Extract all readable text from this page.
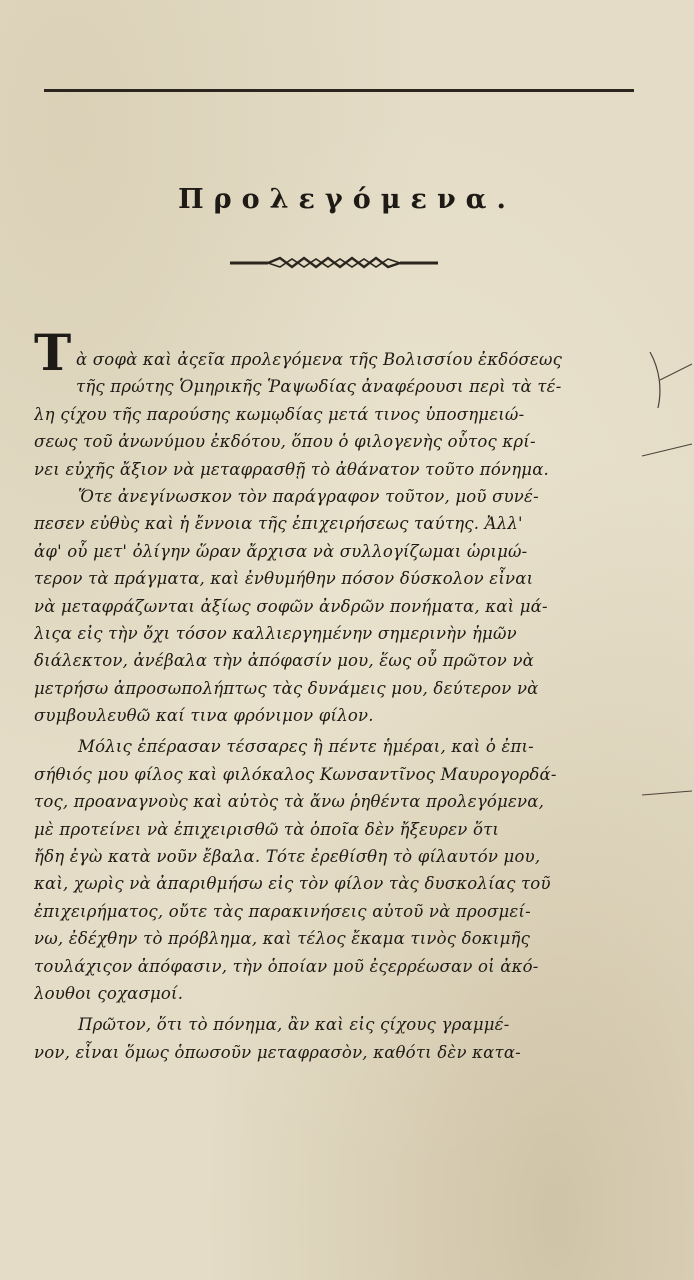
Προλεγόμενα.
Τ ὰ σοφὰ καὶ ἀςεῖα προλεγόμενα τῆς Βολισσίου ἐκδόσεως
τῆς πρώτης Ὁμηρικῆς Ῥαψωδίας ἀναφέρουσι περὶ τὰ τέ-
λη ςίχου τῆς παρούσης κωμῳδίας μετά τινος ὑποσημειώ-
σεως τοῦ ἀνωνύμου ἐκδότου, ὅπου ὁ φιλογενὴς οὗτος κρί-
νει εὐχῆς ἄξιον νὰ μεταφρασθῇ τὸ ἀθάνατον τοῦτο πόνημα.
Ὅτε ἀνεγίνωσκον τὸν παράγραφον τοῦτον, μοῦ συνέ-
πεσεν εὐθὺς καὶ ἡ ἔννοια τῆς ἐπιχειρήσεως ταύτης. Ἀλλ'
ἀφ' οὗ μετ' ὀλίγην ὥραν ἄρχισα νὰ συλλογίζωμαι ὡριμώ-
τερον τὰ πράγματα, καὶ ἐνθυμήθην πόσον δύσκολον εἶναι
νὰ μεταφράζωνται ἀξίως σοφῶν ἀνδρῶν πονήματα, καὶ μά-
λιςα εἰς τὴν ὄχι τόσον καλλιεργημένην σημερινὴν ἡμῶν
διάλεκτον, ἀνέβαλα τὴν ἀπόφασίν μου, ἕως οὗ πρῶτον νὰ
μετρήσω ἀπροσωπολήπτως τὰς δυνάμεις μου, δεύτερον νὰ
συμβουλευθῶ καί τινα φρόνιμον φίλον.
Μόλις ἐπέρασαν τέσσαρες ἢ πέντε ἡμέραι, καὶ ὁ ἐπι-
σήθιός μου φίλος καὶ φιλόκαλος Κωνσαντῖνος Μαυρογορδά-
τος, προαναγνοὺς καὶ αὐτὸς τὰ ἄνω ῥηθέντα προλεγόμενα,
μὲ προτείνει νὰ ἐπιχειρισθῶ τὰ ὁποῖα δὲν ἤξευρεν ὅτι
ἤδη ἐγὼ κατὰ νοῦν ἔβαλα. Τότε ἐρεθίσθη τὸ φίλαυτόν μου,
καὶ, χωρὶς νὰ ἀπαριθμήσω εἰς τὸν φίλον τὰς δυσκολίας τοῦ
ἐπιχειρήματος, οὔτε τὰς παρακινήσεις αὐτοῦ νὰ προσμεί-
νω, ἐδέχθην τὸ πρόβλημα, καὶ τέλος ἔκαμα τινὸς δοκιμῆς
τουλάχιςον ἀπόφασιν, τὴν ὁποίαν μοῦ ἐςερρέωσαν οἱ ἀκό-
λουθοι ςοχασμοί.
Πρῶτον, ὅτι τὸ πόνημα, ἂν καὶ εἰς ςίχους γραμμέ-
νον, εἶναι ὅμως ὁπωσοῦν μεταφρασὸν, καθότι δὲν κατα-
